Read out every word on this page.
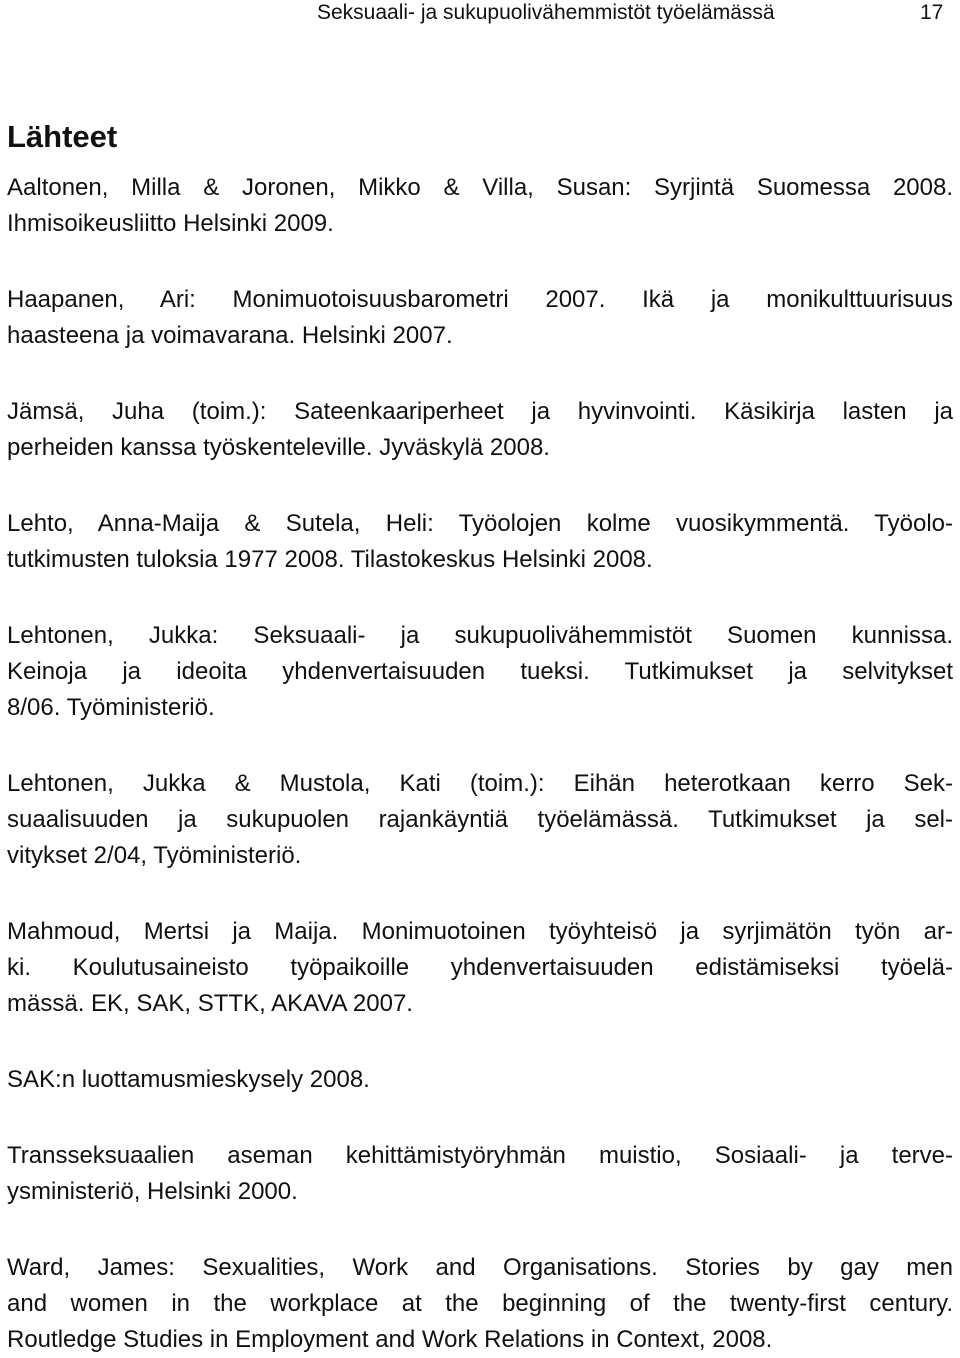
Seksuaali- ja sukupuolivähemmistöt työelämässä	17
Lähteet
Aaltonen, Milla & Joronen, Mikko & Villa, Susan: Syrjintä Suomessa 2008.
Ihmisoikeusliitto Helsinki 2009.
Haapanen, Ari: Monimuotoisuusbarometri 2007. Ikä ja monikulttuurisuus
haasteena ja voimavarana. Helsinki 2007.
Jämsä, Juha (toim.): Sateenkaariperheet ja hyvinvointi. Käsikirja lasten ja
perheiden kanssa työskenteleville. Jyväskylä 2008.
Lehto, Anna-Maija & Sutela, Heli: Työolojen kolme vuosikymmentä. Työolo-
tutkimusten tuloksia 1977 2008. Tilastokeskus Helsinki 2008.
Lehtonen, Jukka: Seksuaali- ja sukupuolivähemmistöt Suomen kunnissa.
Keinoja ja ideoita yhdenvertaisuuden tueksi. Tutkimukset ja selvitykset
8/06. Työministeriö.
Lehtonen, Jukka & Mustola, Kati (toim.): Eihän heterotkaan kerro Sek-
suaalisuuden ja sukupuolen rajankäyntiä työelämässä. Tutkimukset ja sel-
vitykset 2/04, Työministeriö.
Mahmoud, Mertsi ja Maija. Monimuotoinen työyhteisö ja syrjimätön työn ar-
ki. Koulutusaineisto työpaikoille yhdenvertaisuuden edistämiseksi työelä-
mässä. EK, SAK, STTK, AKAVA 2007.
SAK:n luottamusmieskysely 2008.
Transseksuaalien aseman kehittämistyöryhmän muistio, Sosiaali- ja terve-
ysministeriö, Helsinki 2000.
Ward, James: Sexualities, Work and Organisations. Stories by gay men
and women in the workplace at the beginning of the twenty-first century.
Routledge Studies in Employment and Work Relations in Context, 2008.
